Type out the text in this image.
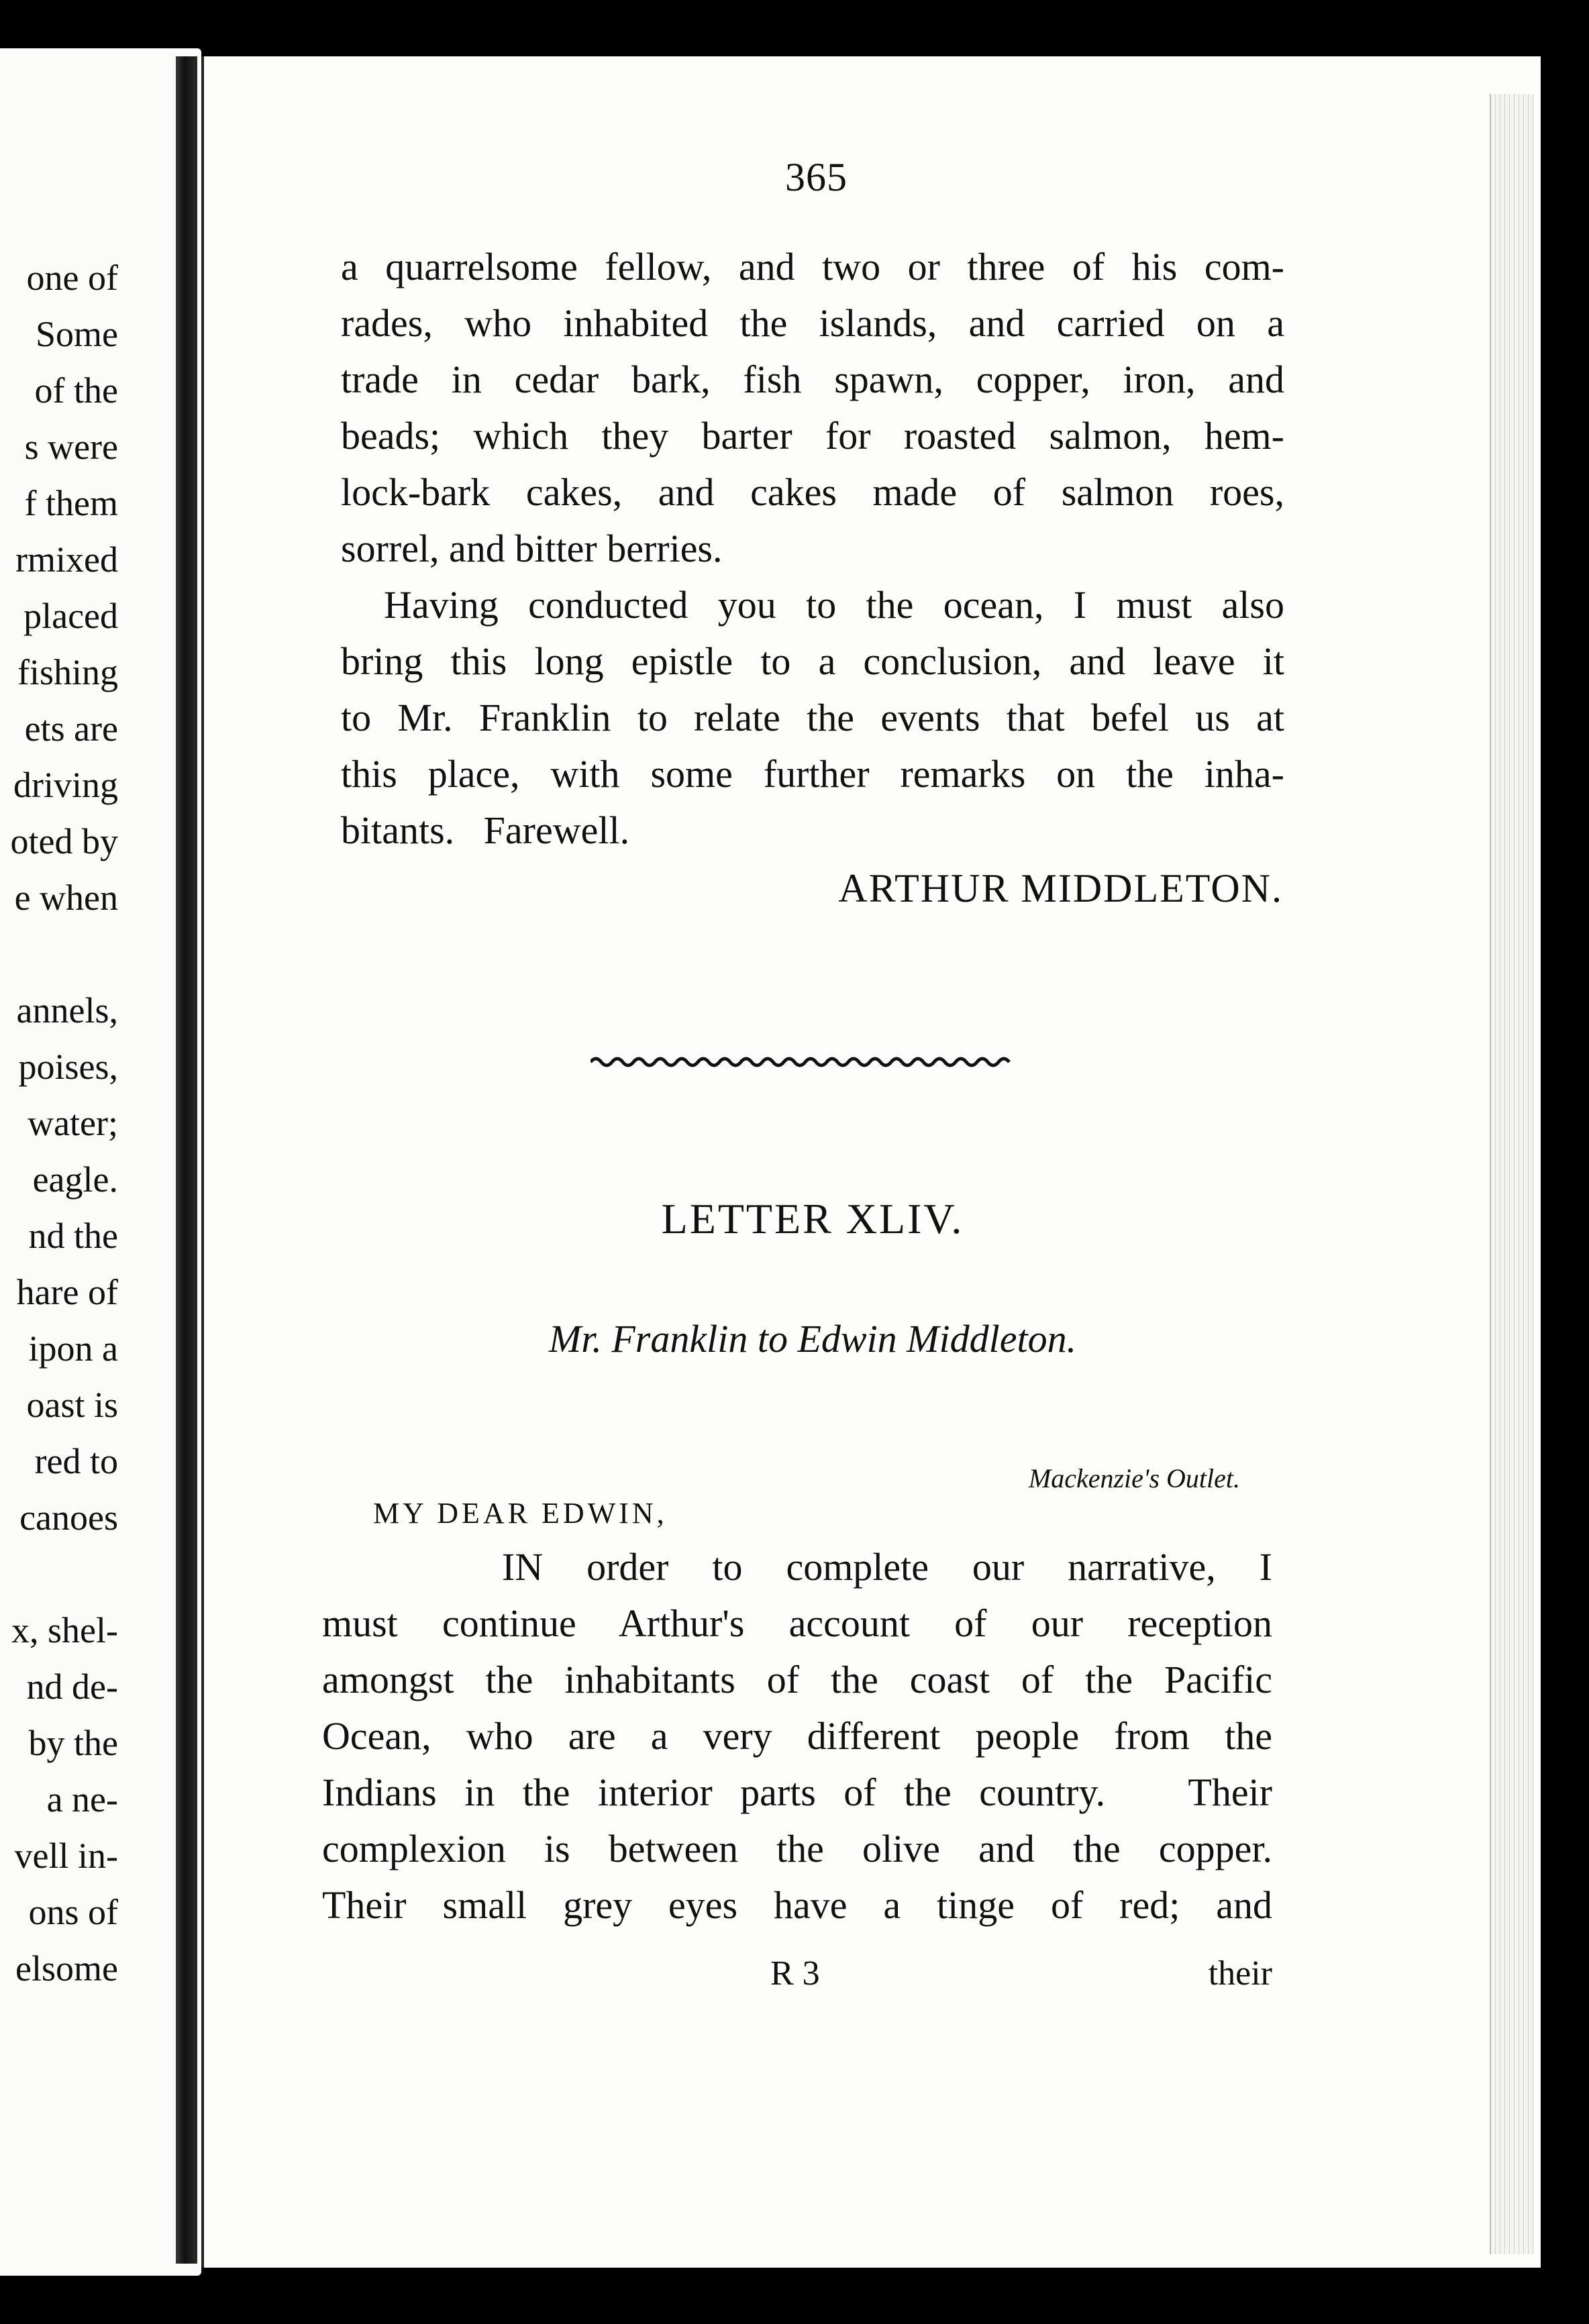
one of
Some
of the
s were
f them
rmixed
placed
fishing
ets are
driving
oted by
e when
annels,
poises,
water;
eagle.
nd the
hare of
ipon a
oast is
red to
canoes
x, shel-
nd de-
by the
a ne-
vell in-
ons of
elsome
365
a quarrelsome fellow, and two or three of his com-
rades, who inhabited the islands, and carried on a
trade in cedar bark, fish spawn, copper, iron, and
beads; which they barter for roasted salmon, hem-
lock-bark cakes, and cakes made of salmon roes,
sorrel, and bitter berries.
Having conducted you to the ocean, I must also
bring this long epistle to a conclusion, and leave it
to Mr. Franklin to relate the events that befel us at
this place, with some further remarks on the inha-
bitants.   Farewell.
ARTHUR MIDDLETON.
LETTER XLIV.
Mr. Franklin to Edwin Middleton.
Mackenzie's Outlet.
MY DEAR EDWIN,
IN order to complete our narrative, I
must continue Arthur's account of our reception
amongst the inhabitants of the coast of the Pacific
Ocean, who are a very different people from the
Indians in the interior parts of the country.   Their
complexion is between the olive and the copper.
Their small grey eyes have a tinge of red; and
their
R 3
